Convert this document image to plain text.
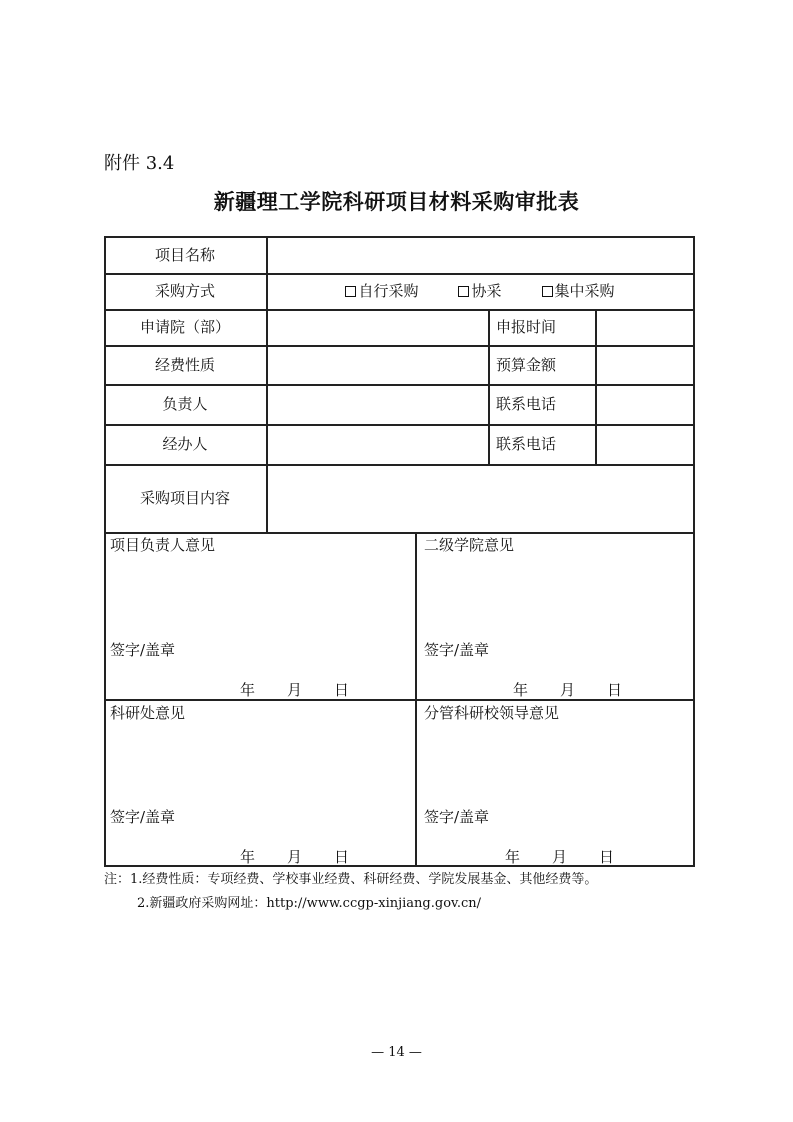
附件 3.4
新疆理工学院科研项目材料采购审批表
项目名称
采购方式	自行采购	协采	集中采购
申请院（部）	申报时间
经费性质	预算金额
负责人	联系电话
经办人	联系电话
采购项目内容
项目负责人意见
签字/盖章
年 月 日
二级学院意见
签字/盖章
年 月 日
科研处意见
签字/盖章
年 月 日
分管科研校领导意见
签字/盖章
年 月 日
注：1.经费性质：专项经费、学校事业经费、科研经费、学院发展基金、其他经费等。
2.新疆政府采购网址：http://www.ccgp-xinjiang.gov.cn/
— 14 —
